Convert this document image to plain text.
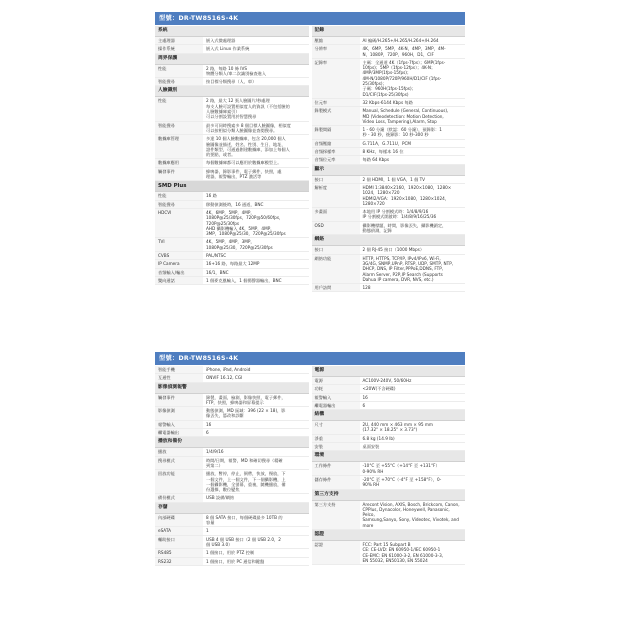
型號：DR-TW8516S-4K
系統
主處理器	嵌入式微處理器
操作系統	嵌入式 Linux 作業系統
周界保護
性能	2 路，每路 10 條 IVS
物體分類人/車二次識別檢查進入
智能搜尋	按目標分類搜尋（人、車）
人臉識別
性能	2 路，最大 12 張人臉圖片/秒處理
每支人臉可設置相似度人的資訊（不包括臉的
人臉數據庫索引）
可以分割設置用於智慧搜尋
智能搜尋	最多可同時搜索多 8 個目標人臉圖像，相似度
可以按相似分類人臉圖像並查閱搜尋。
數據庫管理	多達 10 個人臉數據庫，包含 20,000 個人
臉圖像並描述，姓名、性別、生日、地址、
證件類型，可通過創建數據庫，添加上每個人
的要點，或者。
數據庫應用	每個數據庫都可以應用於數據庫模型上。
觸發事件	蜂鳴器，錄影事件，電子郵件，快照，處
理器，報警輸出，PTZ 激活等
SMD Plus
性能	16 路
智能搜尋	移動偵測後時，16 通道，BNC
HDCVI	4K，6MP，5MP，4MP，
1080P@25/30fps，720P@50/60fps，
720P@25/30fps
AHD 攝影機輸入 4K，5MP，4MP，
3MP，1080P@25/30，720P@25/30fps
TVI	4K，5MP，4MP，3MP，
1080P@25/30，720P@25/30fps
CVBS	PAL/NTSC
IP Camera	16+16 路，每路最大 12MP
音頻輸入/輸出	16/1，BNC
雙向通話	1 個麥克風輸入，1 個揚聲器輸出，BNC
記錄
壓縮	AI 編碼/H.265+/H.265/H.264+/H.264
分辨率	4K，6MP，5MP，4K-N，4MP，3MP，4M-
N，1080P，720P，960H，D1，CIF
記錄率	主碼：全通道 4K（1fps-7fps）；6MP(1fps-
10fps)；5MP（1fps-12fps）；4K-N；
4MP/3MP(1fps-15fps)；
4M-N/1080P/720P/960H/D1/CIF (1fps-
25/30fps)；
子碼：960H(1fps-15fps)；
D1/CIF(1fps-25/30fps)
位元率	32 Kbps-6144 Kbps 每路
錄製模式	Manual, Schedule (General, Continuous),
MD (Videodetection: Motion Detection,
Video Loss, Tampering),Alarm, Stop
錄製間隔	1 - 60 分鐘（默認：60 分鐘），預錄影：1
秒 - 30 秒，後錄影：10 秒-300 秒
音頻壓縮	G.711A，G.711U，PCM
音頻採樣率	8 KHz，每樣本 16 位
音頻位元率	每路 64 Kbps
顯示
接口	2 個 HDMI，1 個 VGA，1 個 TV
解析度	HDMI 1:3840×2160，1920×1080，1280×
1024，1280×720
HDMI2/VGA：1920×1080，1280×1024，
1280×720
多畫面	本地用 IP 分割模式時：1/4/8/9/16
IP 分割模式開啟時：1/4/8/9/16/25/36
OSD	攝影機標題，時間，影像丟失，攝影機鎖定，
動態偵測，記錄
網絡
接口	2 個 RJ-45 接口（1000 Mbps）
網絡功能	HTTP, HTTPS, TCP/IP, IPv4/IPv6, Wi-Fi,
3G/4G, SNMP,UPnP, RTSP, UDP, SMTP, NTP,
DHCP, DNS, IP Filter,PPPoE,DDNS, FTP,
Alarm Server, P2P,IP Search (Supports
Dahua IP camera, DVR, NVS, etc.)
用戶訪問	128
型號：DR-TW8516S-4K
智能手機	iPhone, iPad, Android
互通性	ONVIF 16.12, CGI
影像偵測報警
觸發事件	錄製，畫面，檢測，影像快照，電子郵件，
FTP，快照，蜂鳴器和屏幕提示
影像偵測	動態偵測，MD 區域：396 (22 × 18)，影
像丟失，篡改和診斷
報警輸入	16
繼電器輸出	6
播放和備份
播放	1/4/9/16
搜尋模式	時間/日期，報警，MD 和確切搜尋（精確
到第二）
回放功能	播放，暫停，停止，倒帶，快放，慢放，下
一個文件，上一個文件，下一個攝影機，上
一個攝影機，全螢幕，重複，隨機播放，備
份選擇，數位變焦
備份模式	USB 設備/網絡
存儲
內部硬碟	8 個 SATA 接口，每個硬碟最多 10TB 的
容量
eSATA	1
輔助接口	USB 4 個 USB 接口（2 個 USB 2.0，2
個 USB 3.0）
RS485	1 個接口，用於 PTZ 控制
RS232	1 個接口，用於 PC 通信和鍵盤
電源
電源	AC100V-240V, 50/60Hz
功耗	<20W(不含硬碟)
報警輸入	16
繼電器輸出	6
結構
尺寸	2U, 440 mm × 463 mm × 95 mm
(17.32" × 18.25" × 3.73")
淨重	6.8 kg (14.9 lb)
安裝	桌面安裝
環境
工作條件	-10°C 至 +55°C（+14°F 至 +131°F）
0-90% RH
儲存條件	-20°C 至 +70°C（-4°F 至 +158°F），0-
90% RH
第三方支持
第三方支持	Arecont Vision, AXIS, Bosch, Brickcom, Canon,
CPPlus, Dynacolor, Honeywell, Panasonic, Pelco,
Samsung,Sanyo, Sony, Videotec, Vivotek, and more
認證
認證	FCC: Part 15 Subpart B
CE: CE-LVD: EN 60950-1/IEC 60950-1
CE-EMC: EN 61000-3-2, EN 61000-3-3,
EN 55032, EN50130, EN 55024
